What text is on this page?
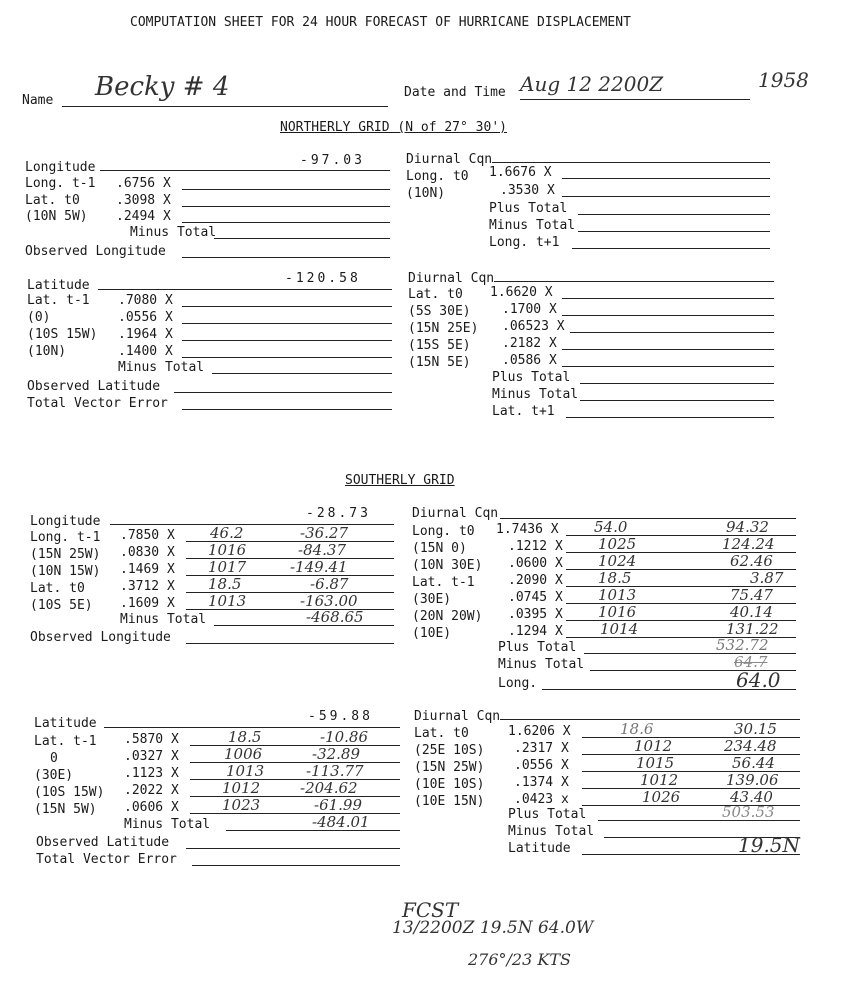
COMPUTATION SHEET FOR 24 HOUR FORECAST OF HURRICANE DISPLACEMENT
Name Becky # 4	Date and Time Aug 12 2200Z	1958
NORTHERLY GRID (N of 27° 30')
Longitude	-97.03
Long. t-1 .6756 X
Lat. t0	.3098 X
(10N 5W) .2494 X
Minus Total
Observed Longitude
Diurnal Cqn
Long. t0 1.6676 X
(10N)	.3530 X
Plus Total
Minus Total
Long. t+1
Latitude	-120.58
Lat. t-1 .7080 X
(0)	.0556 X
(10S 15W) .1964 X
(10N)	.1400 X
Minus Total
Observed Latitude
Total Vector Error
Diurnal Cqn
Lat. t0 1.6620 X
(5S 30E) .1700 X
(15N 25E) .06523 X
(15S 5E) .2182 X
(15N 5E) .0586 X
Plus Total
Minus Total
Lat. t+1
SOUTHERLY GRID
Longitude
-28.73
Long. t-1 .7850 X 46.2	-36.27
(15N 25W) .0830 X 1016	-84.37
(10N 15W) .1469 X 1017	-149.41
Lat. t0	.3712 X 18.5	-6.87
(10S 5E) .1609 X 1013	-163.00
Minus Total	-468.65
Observed Longitude
Diurnal Cqn
Long. t0 1.7436 X 54.0	94.32
(15N 0)	.1212 X 1025	124.24
(10N 30E) .0600 X 1024	62.46
Lat. t-1	.2090 X 18.5	3.87
(30E)	.0745 X 1013	75.47
(20N 20W) .0395 X 1016	40.14
(10E)	.1294 X 1014	131.22
Plus Total	532.72
Minus Total	64.7
Long.	64.0
Latitude	-59.88
Lat. t-1 .5870 X	18.5	-10.86
0	.0327 X	1006	-32.89
(30E)	.1123 X	1013	-113.77
(10S 15W) .2022 X	1012	-204.62
(15N 5W) .0606 X	1023	-61.99
Minus Total	-484.01
Observed Latitude
Total Vector Error
Diurnal Cqn
Lat. t0	1.6206 X	18.6	30.15
(25E 10S) .2317 X	1012	234.48
(15N 25W) .0556 X	1015	56.44
(10E 10S) .1374 X	1012	139.06
(10E 15N) .0423 x	1026	43.40
Plus Total	503.53
Minus Total
Latitude	19.5N
FCST
13/2200Z 19.5N 64.0W
276°/23 KTS
